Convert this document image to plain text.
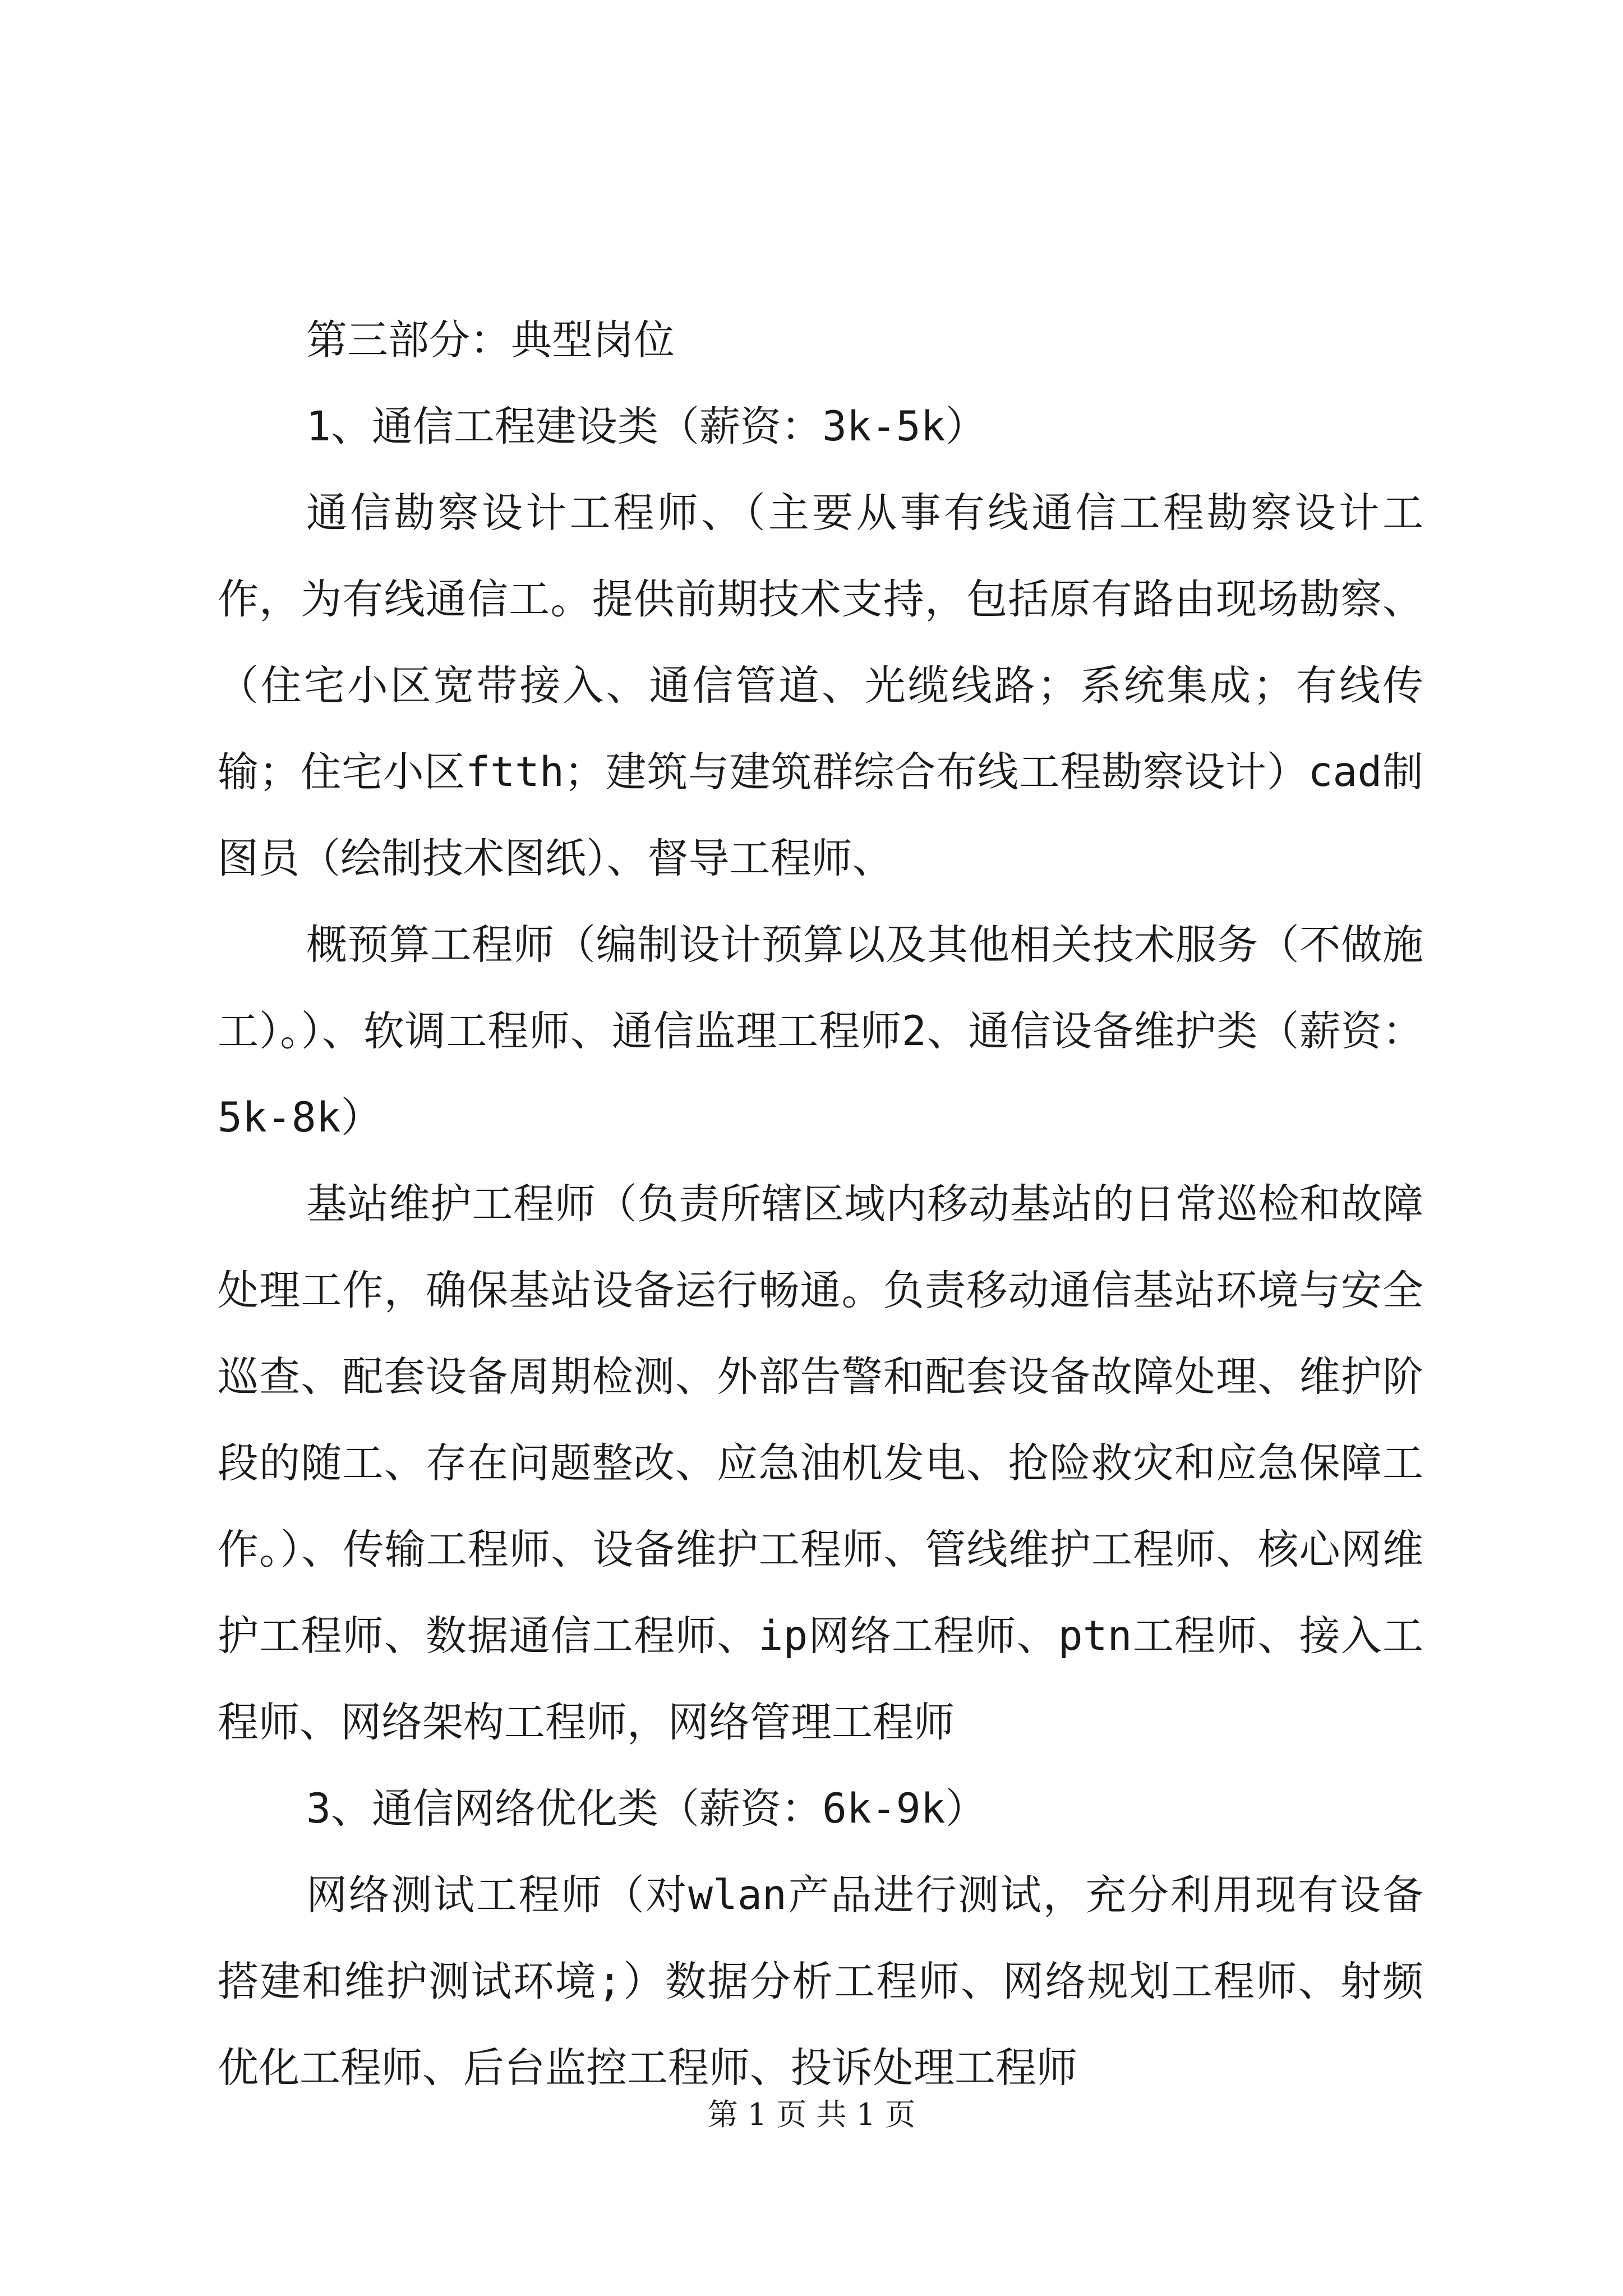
第三部分：典型岗位

1、通信工程建设类（薪资：3k-5k）

通信勘察设计工程师、（主要从事有线通信工程勘察设计工作，为有线通信工。提供前期技术支持，包括原有路由现场勘察、（住宅小区宽带接入、通信管道、光缆线路；系统集成；有线传输；住宅小区ftth；建筑与建筑群综合布线工程勘察设计）cad制图员（绘制技术图纸）、督导工程师、

概预算工程师（编制设计预算以及其他相关技术服务（不做施工）。）、软调工程师、通信监理工程师2、通信设备维护类（薪资：5k-8k）

基站维护工程师（负责所辖区域内移动基站的日常巡检和故障处理工作，确保基站设备运行畅通。负责移动通信基站环境与安全巡查、配套设备周期检测、外部告警和配套设备故障处理、维护阶段的随工、存在问题整改、应急油机发电、抢险救灾和应急保障工作。）、传输工程师、设备维护工程师、管线维护工程师、核心网维护工程师、数据通信工程师、ip网络工程师、ptn工程师、接入工程师、网络架构工程师，网络管理工程师

3、通信网络优化类（薪资：6k-9k）

网络测试工程师（对wlan产品进行测试，充分利用现有设备搭建和维护测试环境;）数据分析工程师、网络规划工程师、射频优化工程师、后台监控工程师、投诉处理工程师

第 1 页 共 1 页
